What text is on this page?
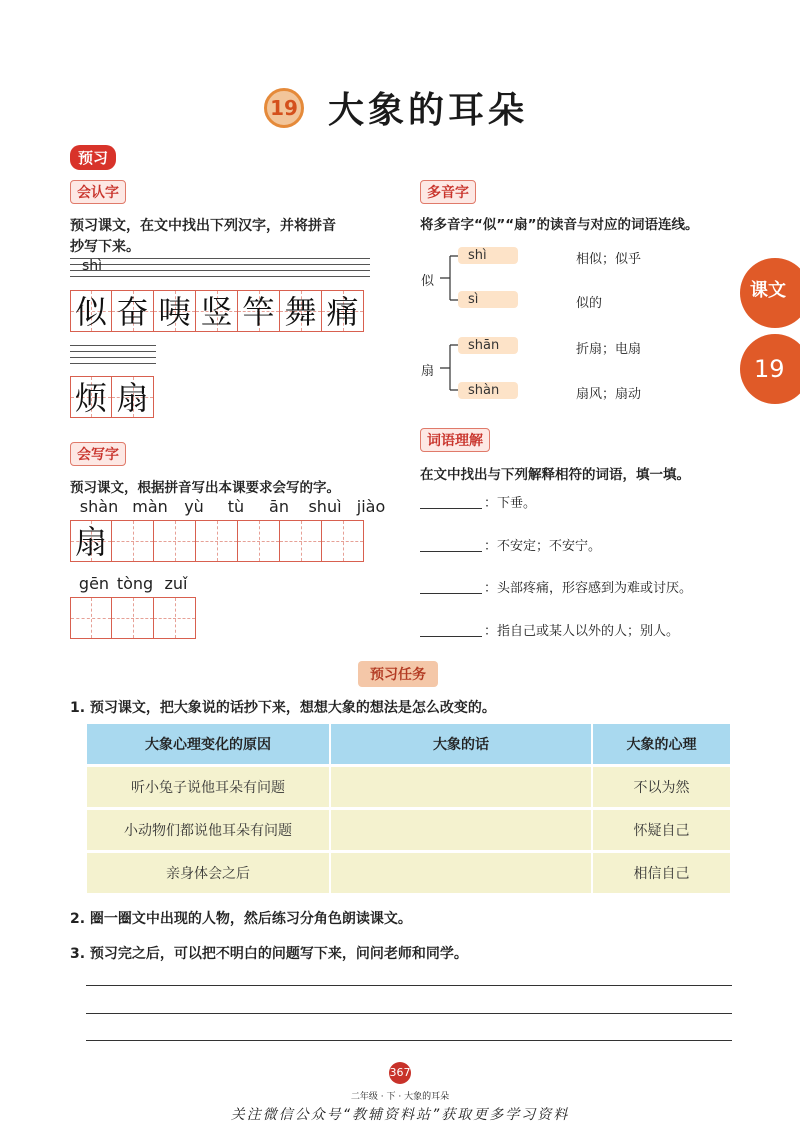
19 大象的耳朵
预习
课文
19
会认字
预习课文，在文中找出下列汉字，并将拼音
抄写下来。
shì
似 奋 咦 竖 竿 舞 痛
烦 扇
会写字
预习课文，根据拼音写出本课要求会写的字。
shàn màn	yù	tù	ān	shuì jiào
扇
gēn tòng zuǐ
多音字
将多音字“似”“扇”的读音与对应的词语连线。
似
shì
sì
相似；似乎
似的
扇
shān
shàn
折扇；电扇
扇风；扇动
词语理解
在文中找出与下列解释相符的词语，填一填。
：下垂。
：不安定；不安宁。
：头部疼痛，形容感到为难或讨厌。
：指自己或某人以外的人；别人。
预习任务
1. 预习课文，把大象说的话抄下来，想想大象的想法是怎么改变的。
大象心理变化的原因	大象的话	大象的心理
听小兔子说他耳朵有问题		不以为然
小动物们都说他耳朵有问题		怀疑自己
亲身体会之后		相信自己
2. 圈一圈文中出现的人物，然后练习分角色朗读课文。
3. 预习完之后，可以把不明白的问题写下来，问问老师和同学。
367
二年级 · 下 · 大象的耳朵
关注微信公众号“教辅资料站”获取更多学习资料
